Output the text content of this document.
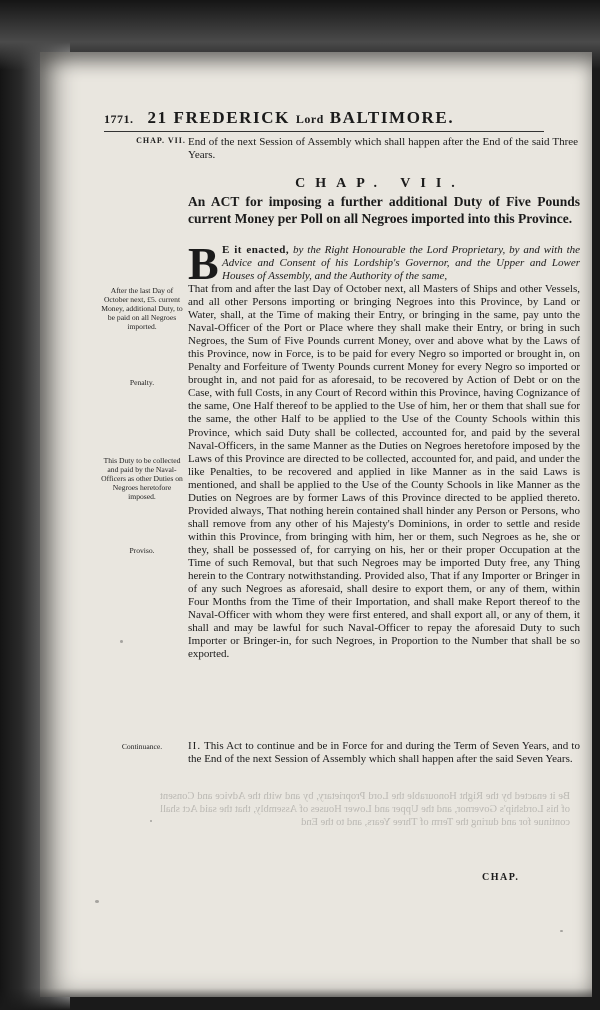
1771. 21 FREDERICK Lord BALTIMORE.
CHAP. VII. End of the next Session of Assembly which shall happen after the End of the said Three Years.
CHAP. VII.
An ACT for imposing a further additional Duty of Five Pounds current Money per Poll on all Negroes imported into this Province.
B E it enacted, by the Right Honourable the Lord Proprietary, by and with the Advice and Consent of his Lordship's Governor, and the Upper and Lower Houses of Assembly, and the Authority of the same,
That from and after the last Day of October next, all Masters of Ships and other Vessels, and all other Persons importing or bringing Negroes into this Province, by Land or Water, shall, at the Time of making their Entry, or bringing in the same, pay unto the Naval-Officer of the Port or Place where they shall make their Entry, or bring in such Negroes, the Sum of Five Pounds current Money, over and above what by the Laws of this Province, now in Force, is to be paid for every Negro so imported or brought in, on Penalty and Forfeiture of Twenty Pounds current Money for every Negro so imported or brought in, and not paid for as aforesaid, to be recovered by Action of Debt or on the Case, with full Costs, in any Court of Record within this Province, having Cognizance of the same, One Half thereof to be applied to the Use of him, her or them that shall sue for the same, the other Half to be applied to the Use of the County Schools within this Province, which said Duty shall be collected, accounted for, and paid by the several Naval-Officers, in the same Manner as the Duties on Negroes heretofore imposed by the Laws of this Province are directed to be collected, accounted for, and paid, and under the like Penalties, to be recovered and applied in like Manner as in the said Laws is mentioned, and shall be applied to the Use of the County Schools in like Manner as the Duties on Negroes are by former Laws of this Province directed to be applied thereto. Provided always, That nothing herein contained shall hinder any Person or Persons, who shall remove from any other of his Majesty's Dominions, in order to settle and reside within this Province, from bringing with him, her or them, such Negroes as he, she or they, shall be possessed of, for carrying on his, her or their proper Occupation at the Time of such Removal, but that such Negroes may be imported Duty free, any Thing herein to the Contrary notwithstanding. Provided also, That if any Importer or Bringer in of any such Negroes as aforesaid, shall desire to export them, or any of them, within Four Months from the Time of their Importation, and shall make Report thereof to the Naval-Officer with whom they were first entered, and shall export all, or any of them, it shall and may be lawful for such Naval-Officer to repay the aforesaid Duty to such Importer or Bringer-in, for such Negroes, in Proportion to the Number that shall be so exported.
After the last Day of October next, £5. current Money, additional Duty, to be paid on all Negroes imported.
Penalty.
This Duty to be collected and paid by the Naval-Officers as other Duties on Negroes heretofore imposed.
Proviso.
Continuance.	II. This Act to continue and be in Force for and during the Term of Seven Years, and to the End of the next Session of Assembly which shall happen after the said Seven Years.
Be it enacted by the Right Honourable the Lord Proprietary, by and with the Advice and Consent of his Lordship's Governor, and the Upper and Lower Houses of Assembly, that the said Act shall continue for and during the Term of Three Years, and to the End
CHAP.
